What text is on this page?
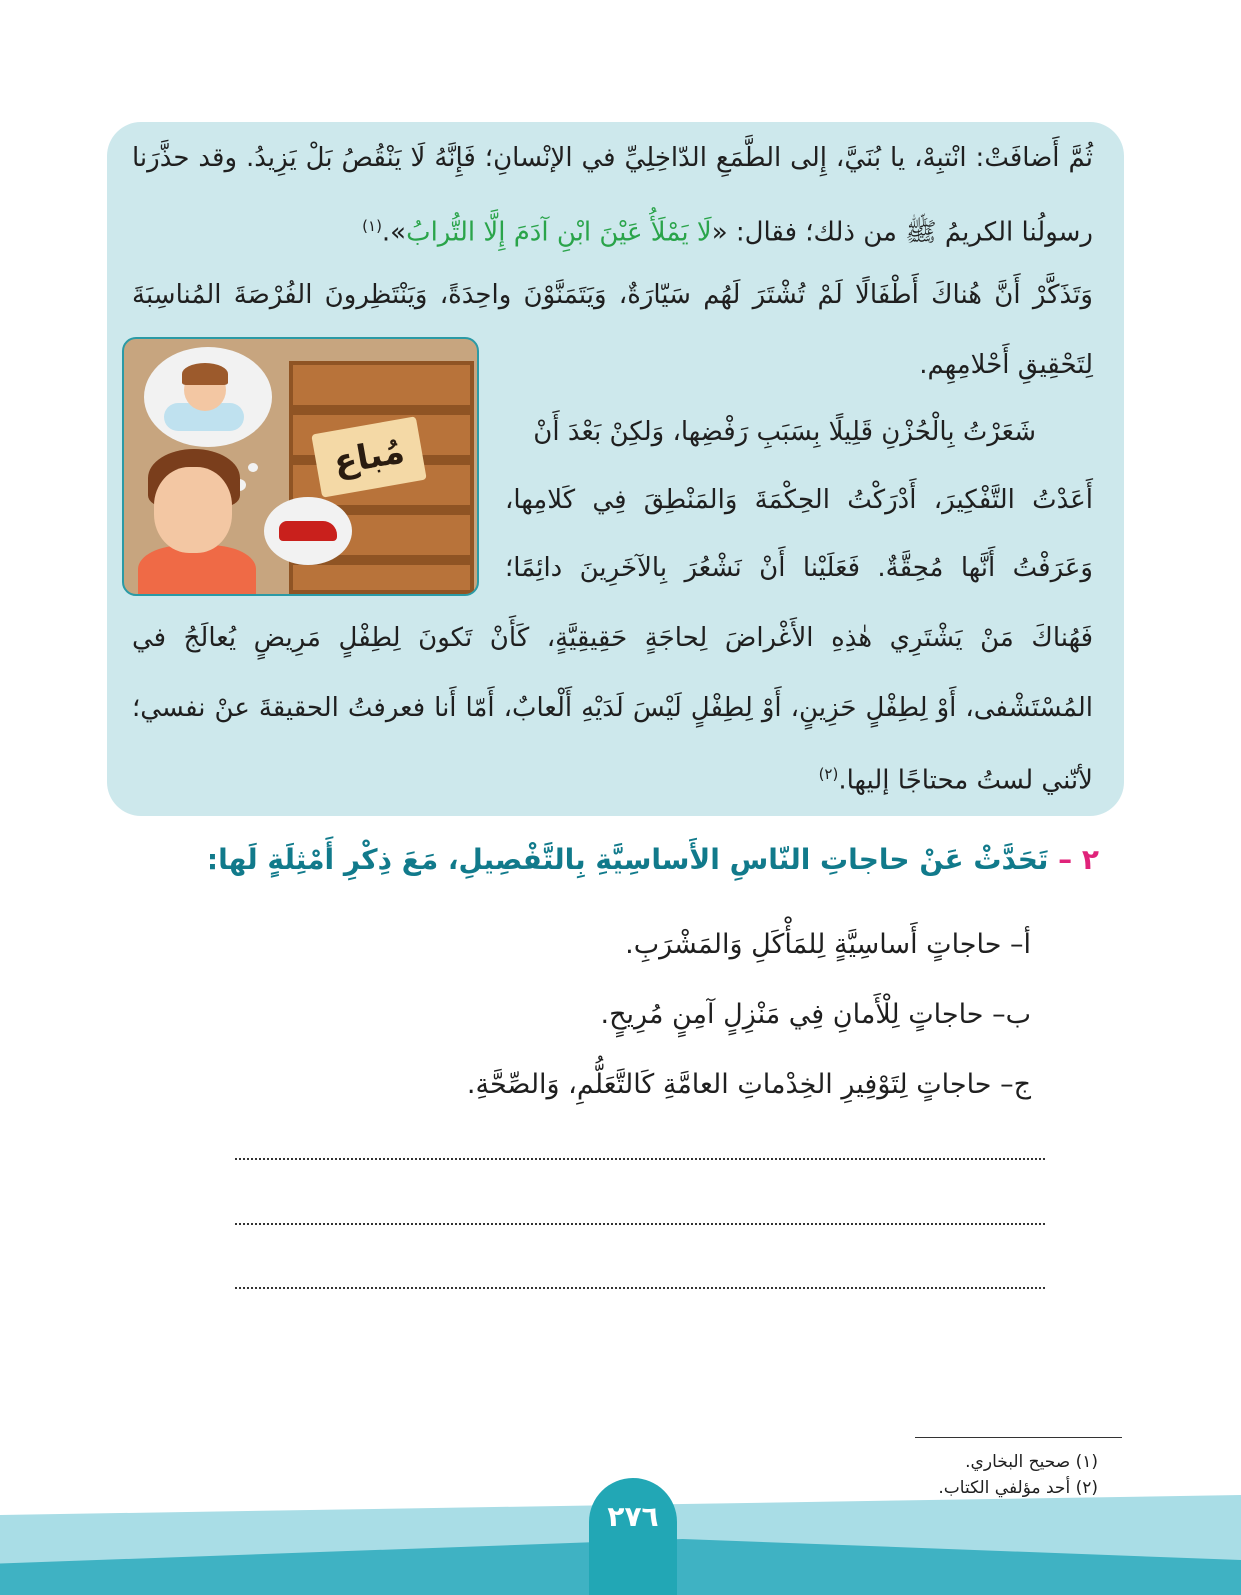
ثُمَّ أَضافَتْ: انْتبِهْ، يا بُنَيَّ، إِلى الطَّمَعِ الدّاخِلِيِّ في الإنْسانِ؛ فَإِنَّهُ لَا يَنْقُصُ بَلْ يَزِيدُ. وقد حذَّرَنا
رسولُنا الكريمُ ﷺ من ذلك؛ فقال: «لَا يَمْلَأُ عَيْنَ ابْنِ آدَمَ إِلَّا التُّرابُ».$^{(١)}$
وَتَذَكَّرْ أَنَّ هُناكَ أَطْفَالًا لَمْ تُشْتَرَ لَهُم سَيّارَةٌ، وَيَتَمَنَّوْنَ واحِدَةً، وَيَنْتَظِرونَ الفُرْصَةَ المُناسِبَةَ
لِتَحْقِيقِ أَحْلامِهِم.
مُباع	شَعَرْتُ بِالْحُزْنِ قَلِيلًا بِسَبَبِ رَفْضِها، وَلكِنْ بَعْدَ أَنْ
أَعَدْتُ التَّفْكِيرَ، أَدْرَكْتُ الحِكْمَةَ وَالمَنْطِقَ فِي كَلامِها،
وَعَرَفْتُ أَنَّها مُحِقَّةٌ. فَعَلَيْنا أَنْ نَشْعُرَ بِالآخَرِينَ دائِمًا؛
فَهُناكَ مَنْ يَشْتَرِي هٰذِهِ الأَغْراضَ لِحاجَةٍ حَقِيقِيَّةٍ، كَأَنْ تَكونَ لِطِفْلٍ مَرِيضٍ يُعالَجُ في
المُسْتَشْفى، أَوْ لِطِفْلٍ حَزِينٍ، أَوْ لِطِفْلٍ لَيْسَ لَدَيْهِ أَلْعابٌ، أَمّا أَنا فعرفتُ الحقيقةَ عنْ نفسي؛
لأنّني لستُ محتاجًا إليها.$^{(٢)}$
٢ – تَحَدَّثْ عَنْ حاجاتِ النّاسِ الأَساسِيَّةِ بِالتَّفْصِيلِ، مَعَ ذِكْرِ أَمْثِلَةٍ لَها:
أ– حاجاتٍ أَساسِيَّةٍ لِلمَأْكَلِ وَالمَشْرَبِ.
ب– حاجاتٍ لِلْأَمانِ فِي مَنْزِلٍ آمِنٍ مُرِيحٍ.
ج– حاجاتٍ لِتَوْفِيرِ الخِدْماتِ العامَّةِ كَالتَّعَلُّمِ، وَالصِّحَّةِ.
(١) صحيح البخاري.
(٢) أحد مؤلفي الكتاب.
٢٧٦
